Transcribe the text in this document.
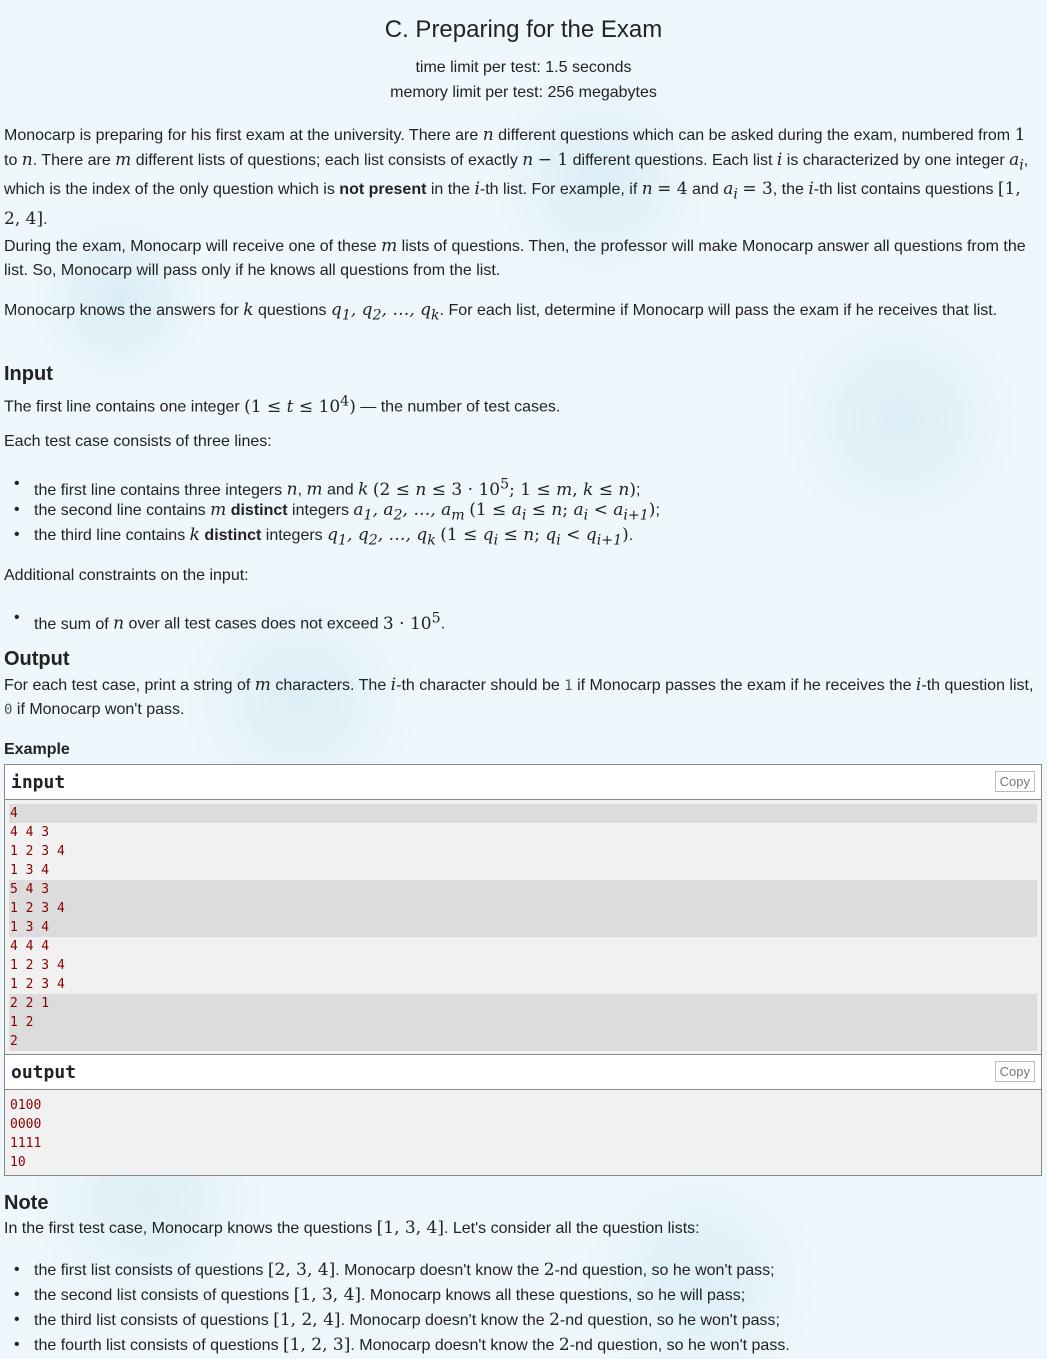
C. Preparing for the Exam
time limit per test: 1.5 seconds
memory limit per test: 256 megabytes

Monocarp is preparing for his first exam at the university. There are n different questions which can be asked during the exam, numbered from 1 to n. There are m different lists of questions; each list consists of exactly n − 1 different questions. Each list i is characterized by one integer $a_i$, which is the index of the only question which is not present in the i-th list. For example, if n = 4 and $a_i = 3$, the i-th list contains questions [1, 2, 4].

During the exam, Monocarp will receive one of these m lists of questions. Then, the professor will make Monocarp answer all questions from the list. So, Monocarp will pass only if he knows all questions from the list.

Monocarp knows the answers for k questions $q_1$, $q_2$, …, $q_k$. For each list, determine if Monocarp will pass the exam if he receives that list.

Input

The first line contains one integer $(1 \le t \le 10^4)$ — the number of test cases.

Each test case consists of three lines:

• the first line contains three integers n, m and k ($2 \le n \le 3 \cdot 10^5$; 1 ≤ m, k ≤ n);

• the second line contains m distinct integers $a_1$, $a_2$, …, $a_m$ ($1 \le a_i \le n$; $a_i < a_{i+1}$);

• the third line contains k distinct integers $q_1$, $q_2$, …, $q_k$ ($1 \le q_i \le n$; $q_i < q_{i+1}$).

Additional constraints on the input:

• the sum of n over all test cases does not exceed $3 \cdot 10^5$.

Output

For each test case, print a string of m characters. The i-th character should be 1 if Monocarp passes the exam if he receives the i-th question list, 0 if Monocarp won't pass.

Example
input	Copy
4
4 4 3
1 2 3 4
1 3 4
5 4 3
1 2 3 4
1 3 4
4 4 4
1 2 3 4
1 2 3 4
2 2 1
1 2
2
output	Copy
0100
0000
1111
10
Note

In the first test case, Monocarp knows the questions [1, 3, 4]. Let's consider all the question lists:

• the first list consists of questions [2, 3, 4]. Monocarp doesn't know the 2-nd question, so he won't pass;

• the second list consists of questions [1, 3, 4]. Monocarp knows all these questions, so he will pass;

• the third list consists of questions [1, 2, 4]. Monocarp doesn't know the 2-nd question, so he won't pass;

• the fourth list consists of questions [1, 2, 3]. Monocarp doesn't know the 2-nd question, so he won't pass.
